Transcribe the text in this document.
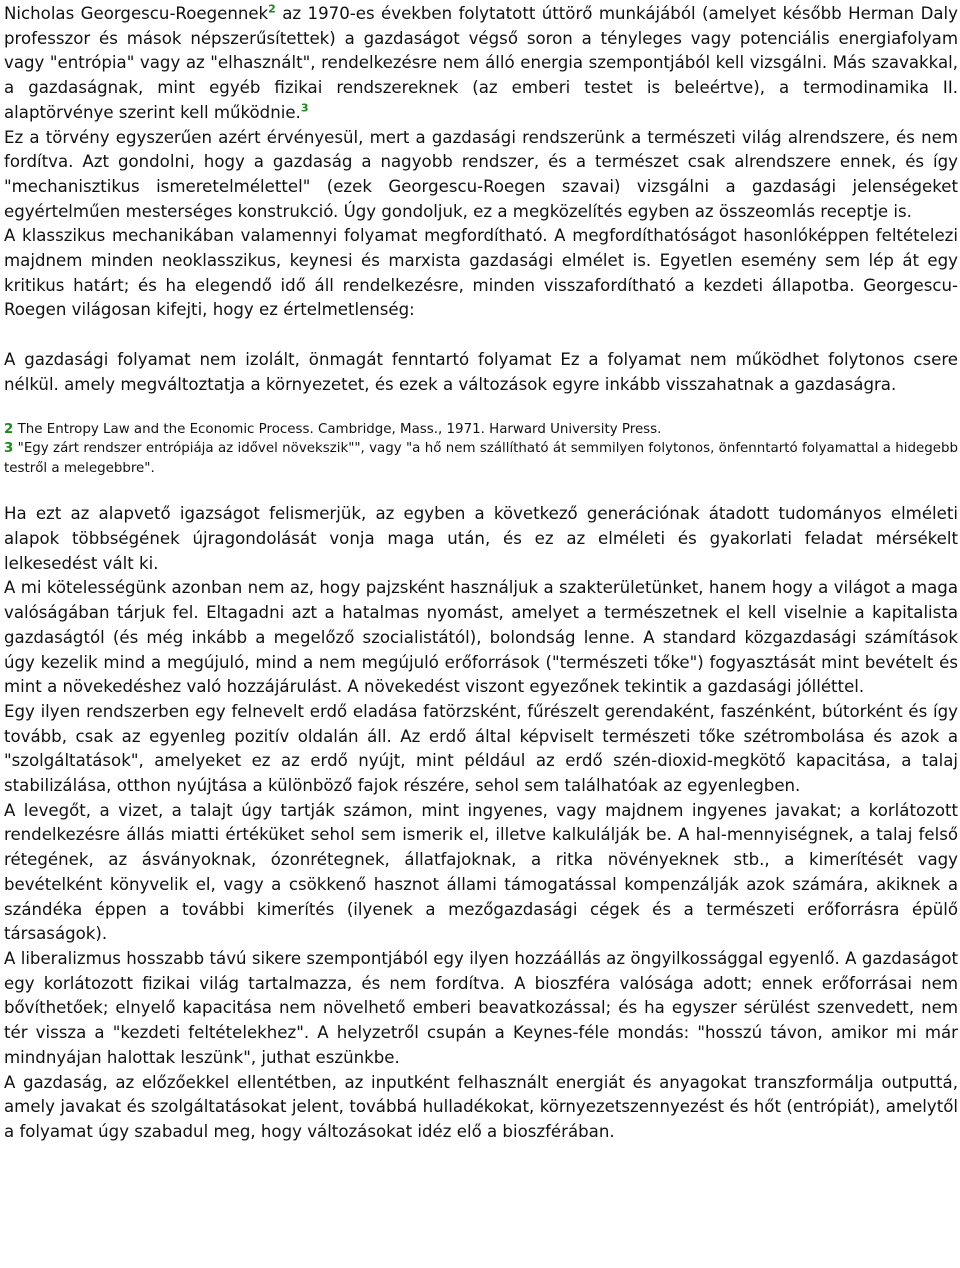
Nicholas Georgescu-Roegennek$^2$ az 1970-es években folytatott úttörő munkájából (amelyet később Herman Daly professzor és mások népszerűsítettek) a gazdaságot végső soron a tényleges vagy potenciális energiafolyam vagy "entrópia" vagy az "elhasznált", rendelkezésre nem álló energia szempontjából kell vizsgálni. Más szavakkal, a gazdaságnak, mint egyéb fizikai rendszereknek (az emberi testet is beleértve), a termodinamika II. alaptörvénye szerint kell működnie.$^3$

Ez a törvény egyszerűen azért érvényesül, mert a gazdasági rendszerünk a természeti világ alrendszere, és nem fordítva. Azt gondolni, hogy a gazdaság a nagyobb rendszer, és a természet csak alrendszere ennek, és így "mechanisztikus ismeretelmélettel" (ezek Georgescu-Roegen szavai) vizsgálni a gazdasági jelenségeket egyértelműen mesterséges konstrukció. Úgy gondoljuk, ez a megközelítés egyben az összeomlás receptje is.

A klasszikus mechanikában valamennyi folyamat megfordítható. A megfordíthatóságot hasonlóképpen feltételezi majdnem minden neoklasszikus, keynesi és marxista gazdasági elmélet is. Egyetlen esemény sem lép át egy kritikus határt; és ha elegendő idő áll rendelkezésre, minden visszafordítható a kezdeti állapotba. Georgescu-Roegen világosan kifejti, hogy ez értelmetlenség:

A gazdasági folyamat nem izolált, önmagát fenntartó folyamat Ez a folyamat nem működhet folytonos csere nélkül. amely megváltoztatja a környezetet, és ezek a változások egyre inkább visszahatnak a gazdaságra.

2 The Entropy Law and the Economic Process. Cambridge, Mass., 1971. Harward University Press.

3 "Egy zárt rendszer entrópiája az idővel növekszik"", vagy "a hő nem szállítható át semmilyen folytonos, önfenntartó folyamattal a hidegebb testről a melegebbre".

Ha ezt az alapvető igazságot felismerjük, az egyben a következő generációnak átadott tudományos elméleti alapok többségének újragondolását vonja maga után, és ez az elméleti és gyakorlati feladat mérsékelt lelkesedést vált ki.

A mi kötelességünk azonban nem az, hogy pajzsként használjuk a szakterületünket, hanem hogy a világot a maga valóságában tárjuk fel. Eltagadni azt a hatalmas nyomást, amelyet a természetnek el kell viselnie a kapitalista gazdaságtól (és még inkább a megelőző szocialistától), bolondság lenne. A standard közgazdasági számítások úgy kezelik mind a megújuló, mind a nem megújuló erőforrások ("természeti tőke") fogyasztását mint bevételt és mint a növekedéshez való hozzájárulást. A növekedést viszont egyezőnek tekintik a gazdasági jólléttel.

Egy ilyen rendszerben egy felnevelt erdő eladása fatörzsként, fűrészelt gerendaként, faszénként, bútorként és így tovább, csak az egyenleg pozitív oldalán áll. Az erdő által képviselt természeti tőke szétrombolása és azok a "szolgáltatások", amelyeket ez az erdő nyújt, mint például az erdő szén-dioxid-megkötő kapacitása, a talaj stabilizálása, otthon nyújtása a különböző fajok részére, sehol sem találhatóak az egyenlegben.

A levegőt, a vizet, a talajt úgy tartják számon, mint ingyenes, vagy majdnem ingyenes javakat; a korlátozott rendelkezésre állás miatti értéküket sehol sem ismerik el, illetve kalkulálják be. A hal-mennyiségnek, a talaj felső rétegének, az ásványoknak, ózonrétegnek, állatfajoknak, a ritka növényeknek stb., a kimerítését vagy bevételként könyvelik el, vagy a csökkenő hasznot állami támogatással kompenzálják azok számára, akiknek a szándéka éppen a további kimerítés (ilyenek a mezőgazdasági cégek és a természeti erőforrásra épülő társaságok).

A liberalizmus hosszabb távú sikere szempontjából egy ilyen hozzáállás az öngyilkossággal egyenlő. A gazdaságot egy korlátozott fizikai világ tartalmazza, és nem fordítva. A bioszféra valósága adott; ennek erőforrásai nem bővíthetőek; elnyelő kapacitása nem növelhető emberi beavatkozással; és ha egyszer sérülést szenvedett, nem tér vissza a "kezdeti feltételekhez". A helyzetről csupán a Keynes-féle mondás: "hosszú távon, amikor mi már mindnyájan halottak leszünk", juthat eszünkbe.

A gazdaság, az előzőekkel ellentétben, az inputként felhasznált energiát és anyagokat transzformálja outputtá, amely javakat és szolgáltatásokat jelent, továbbá hulladékokat, környezetszennyezést és hőt (entrópiát), amelytől a folyamat úgy szabadul meg, hogy változásokat idéz elő a bioszférában.
